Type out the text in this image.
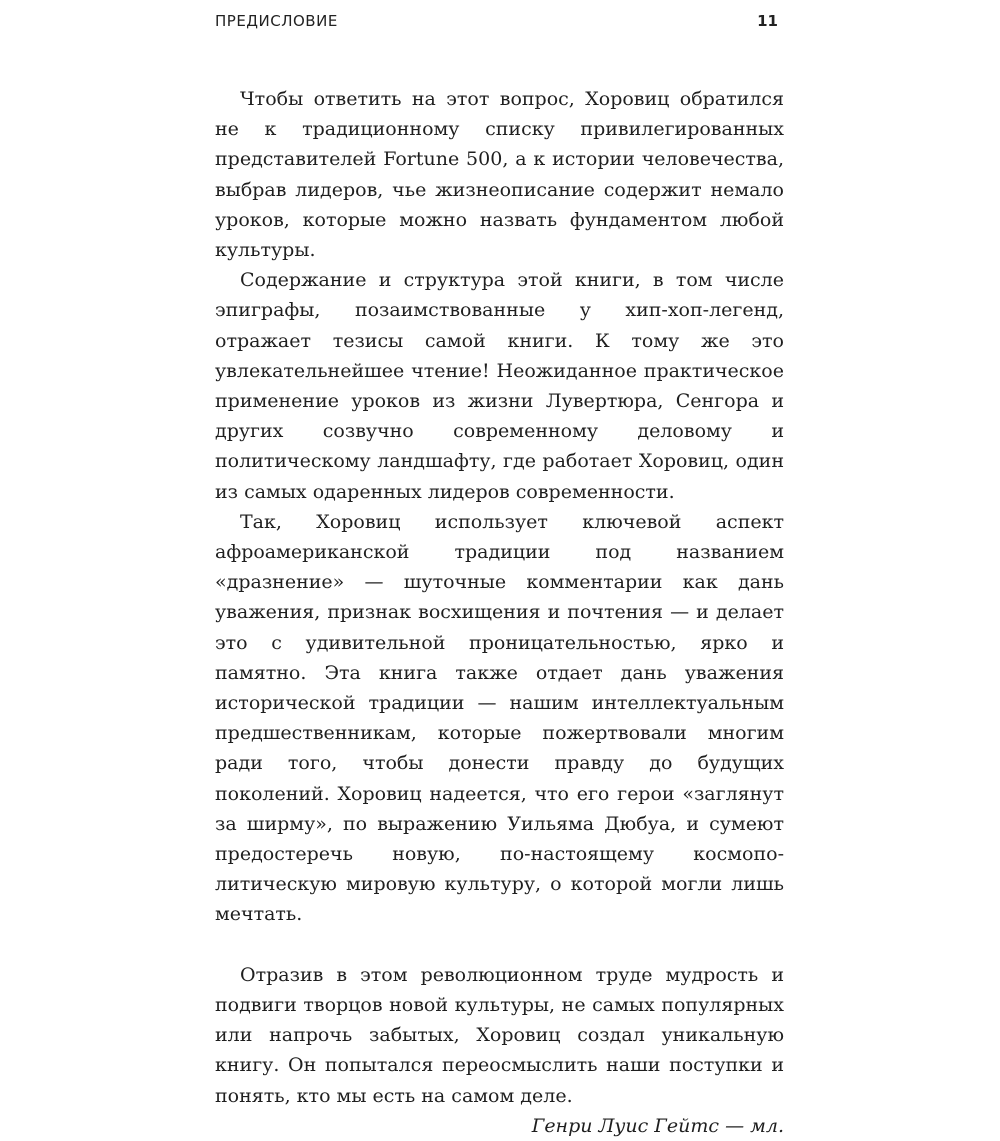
ПРЕДИСЛОВИЕ	11

Чтобы ответить на этот вопрос, Хоровиц обратился не к традиционному списку привилегированных представителей Fortune 500, а к истории человечества, выбрав лидеров, чье жизнеописание содержит немало уроков, которые можно назвать фундаментом любой культуры.

Содержание и структура этой книги, в том числе эпиграфы, позаимствованные у хип-хоп-легенд, отражает тезисы самой книги. К тому же это увлекательнейшее чтение! Неожиданное практическое применение уроков из жизни Лувертюра, Сенгора и других созвучно современному деловому и политическому ландшафту, где работает Хоровиц, один из самых одаренных лидеров современности.

Так, Хоровиц использует ключевой аспект афроамериканской традиции под названием «дразнение» — шуточные комментарии как дань уважения, признак восхищения и почтения — и делает это с удивительной проницательностью, ярко и памятно. Эта книга также отдает дань уважения исторической традиции — нашим интеллектуальным предшественникам, которые пожертвовали многим ради того, чтобы донести правду до будущих поколений. Хоровиц надеется, что его герои «заглянут за ширму», по выражению Уильяма Дюбуа, и сумеют предостеречь новую, по-настоящему космополитическую мировую культуру, о которой могли лишь мечтать.

Отразив в этом революционном труде мудрость и подвиги творцов новой культуры, не самых популярных или напрочь забытых, Хоровиц создал уникальную книгу. Он попытался переосмыслить наши поступки и понять, кто мы есть на самом деле.

Генри Луис Гейтс — мл.
